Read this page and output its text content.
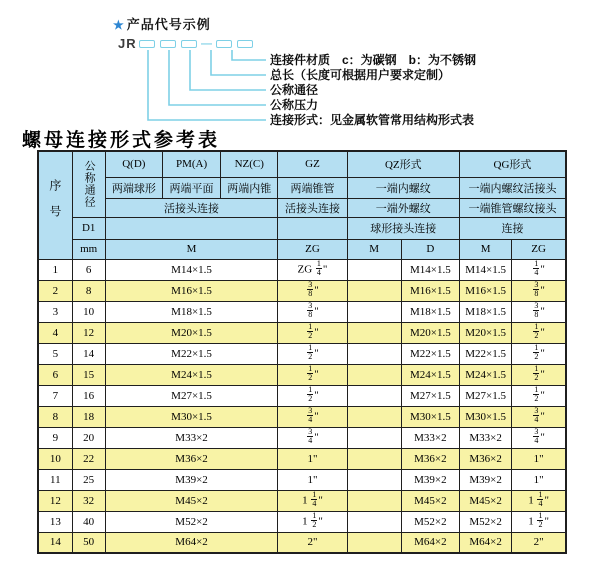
★ 产品代号示例
JR	—
连接件材质　c：为碳钢　b：为不锈钢
总长（长度可根据用户要求定制）
公称通径
公称压力
连接形式：见金属软管常用结构形式表
螺母连接形式参考表
序号	公称通径	Q(D)	PM(A)	NZ(C)	GZ	QZ形式		QG形式	
		两端球形	两端平面	两端内锥	两端锥管	一端内螺纹		一端内螺纹活接头	
		活接头连接			活接头连接	一端外螺纹		一端锥管螺纹接头	
	D1					球形接头连接		连接	
	mm	M			ZG	M	D	M	ZG
1	6	M14×1.5			ZG $\frac{1}{4}$ "		M14×1.5	M14×1.5	$\frac{1}{4}$ "
2	8	M16×1.5			$\frac{3}{8}$ "		M16×1.5	M16×1.5	$\frac{3}{8}$ "
3	10	M18×1.5			$\frac{3}{8}$ "		M18×1.5	M18×1.5	$\frac{3}{8}$ "
4	12	M20×1.5			$\frac{1}{2}$ "		M20×1.5	M20×1.5	$\frac{1}{2}$ "
5	14	M22×1.5			$\frac{1}{2}$ "		M22×1.5	M22×1.5	$\frac{1}{2}$ "
6	15	M24×1.5			$\frac{1}{2}$ "		M24×1.5	M24×1.5	$\frac{1}{2}$ "
7	16	M27×1.5			$\frac{1}{2}$ "		M27×1.5	M27×1.5	$\frac{1}{2}$ "
8	18	M30×1.5			$\frac{3}{4}$ "		M30×1.5	M30×1.5	$\frac{3}{4}$ "
9	20	M33×2			$\frac{3}{4}$ "		M33×2	M33×2	$\frac{3}{4}$ "
10	22	M36×2			1"		M36×2	M36×2	1"
11	25	M39×2			1"		M39×2	M39×2	1"
12	32	M45×2			$1 \frac{1}{4}$ "		M45×2	M45×2	$1 \frac{1}{4}$ "
13	40	M52×2			$1 \frac{1}{2}$ "		M52×2	M52×2	$1 \frac{1}{2}$ "
14	50	M64×2			2"		M64×2	M64×2	2"
